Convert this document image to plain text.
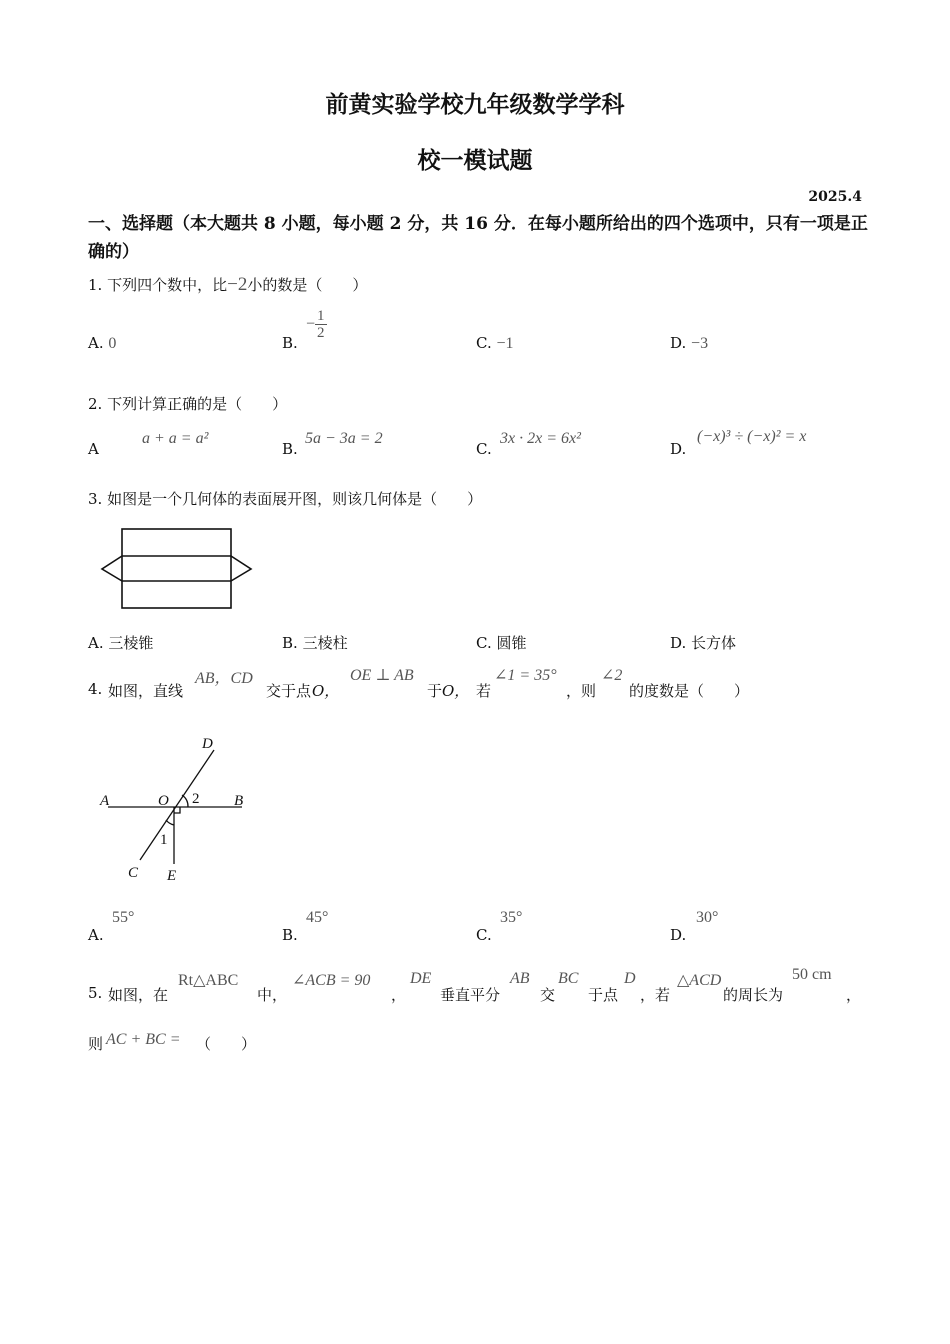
前黄实验学校九年级数学学科
校一模试题
2025.4
一、选择题（本大题共 8 小题，每小题 2 分，共 16 分．在每小题所给出的四个选项中，只有一项是正确的）
1. 下列四个数中，比−2小的数是（　　）
A. 0	B.
− $\frac{1}{2}$
C. −1	D. −3
2. 下列计算正确的是（　　）
A
a + a = a²
B.
5a − 3a = 2
C.
3x · 2x = 6x²
D.
(−x)³ ÷ (−x)² = x
3. 如图是一个几何体的表面展开图，则该几何体是（　　）
A. 三棱锥	B. 三棱柱	C. 圆锥	D. 长方体
4. 如图，直线
AB，CD
交于点 O，
OE ⊥ AB
于 O， 若
∠1 = 35°
，则
∠2
的度数是（　　）
D
A	O	B
C E
2
1
A.
55°
B.
45°
C.
35°
D.
30°
5. 如图，在
Rt△ABC
中，
∠ACB = 90
，
DE
垂直平分
AB
交
BC
于点
D
，若
△ACD
的周长为
50 cm
，
则 AC + BC = （　　）
